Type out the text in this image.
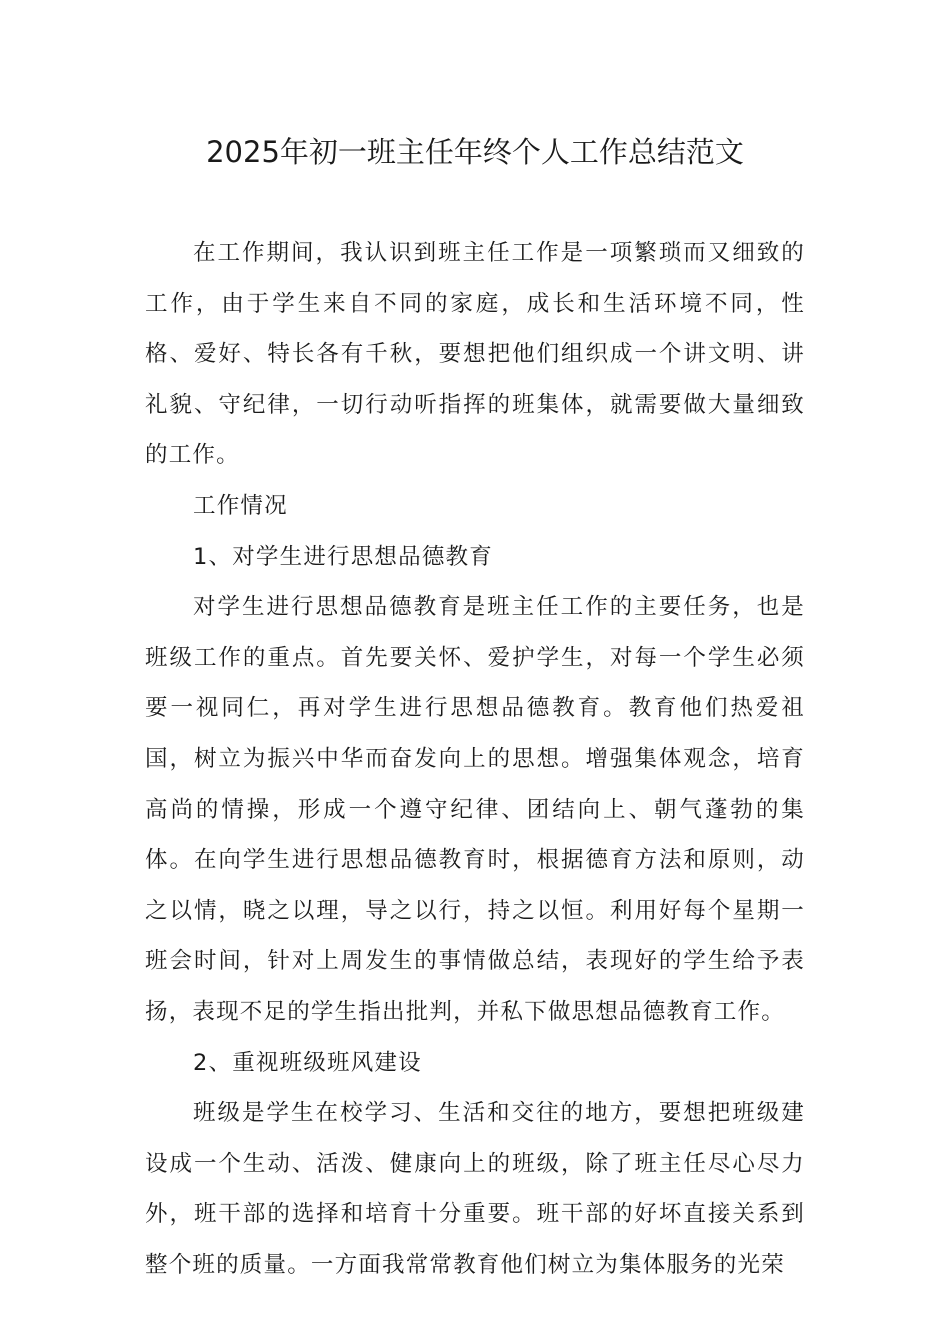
2025年初一班主任年终个人工作总结范文

在工作期间，我认识到班主任工作是一项繁琐而又细致的工作，由于学生来自不同的家庭，成长和生活环境不同，性格、爱好、特长各有千秋，要想把他们组织成一个讲文明、讲礼貌、守纪律，一切行动听指挥的班集体，就需要做大量细致的工作。

工作情况

1、对学生进行思想品德教育

对学生进行思想品德教育是班主任工作的主要任务，也是班级工作的重点。首先要关怀、爱护学生，对每一个学生必须要一视同仁，再对学生进行思想品德教育。教育他们热爱祖国，树立为振兴中华而奋发向上的思想。增强集体观念，培育高尚的情操，形成一个遵守纪律、团结向上、朝气蓬勃的集体。在向学生进行思想品德教育时，根据德育方法和原则，动之以情，晓之以理，导之以行，持之以恒。利用好每个星期一班会时间，针对上周发生的事情做总结，表现好的学生给予表扬，表现不足的学生指出批判，并私下做思想品德教育工作。

2、重视班级班风建设

班级是学生在校学习、生活和交往的地方，要想把班级建设成一个生动、活泼、健康向上的班级，除了班主任尽心尽力外，班干部的选择和培育十分重要。班干部的好坏直接关系到整个班的质量。一方面我常常教育他们树立为集体服务的光荣
